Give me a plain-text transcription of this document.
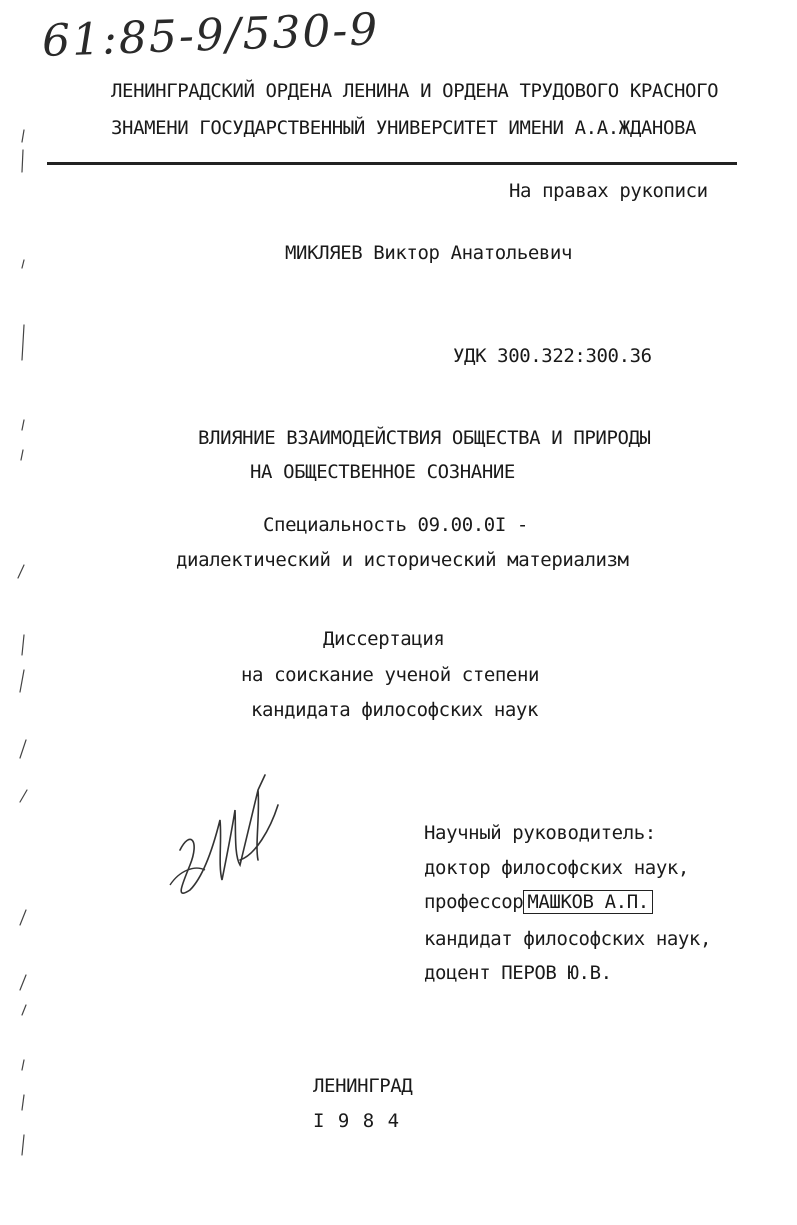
61:85-9/530-9
ЛЕНИНГРАДСКИЙ ОРДЕНА ЛЕНИНА И ОРДЕНА ТРУДОВОГО КРАСНОГО
ЗНАМЕНИ ГОСУДАРСТВЕННЫЙ УНИВЕРСИТЕТ ИМЕНИ А.А.ЖДАНОВА
На правах рукописи
МИКЛЯЕВ Виктор Анатольевич
УДК 300.322:300.36
ВЛИЯНИЕ ВЗАИМОДЕЙСТВИЯ ОБЩЕСТВА И ПРИРОДЫ
НА ОБЩЕСТВЕННОЕ СОЗНАНИЕ
Специальность 09.00.0I -
диалектический и исторический материализм
Диссертация
на соискание ученой степени
кандидата философских наук
Научный руководитель:
доктор философских наук,
профессор МАШКОВ А.П.
кандидат философских наук,
доцент ПЕРОВ Ю.В.
ЛЕНИНГРАД
I 9 8 4
